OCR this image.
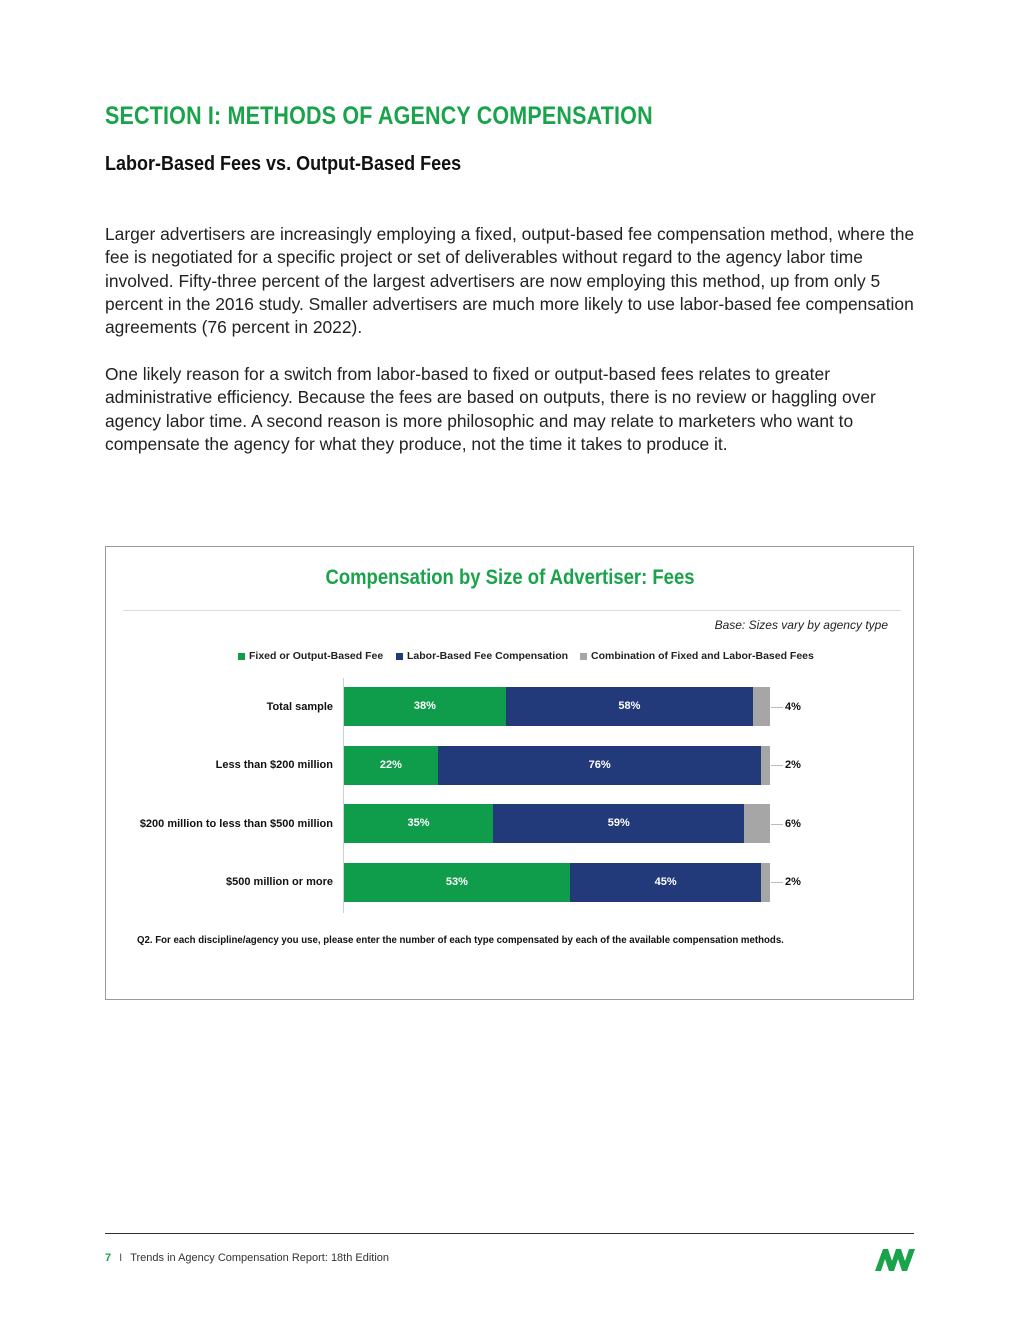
SECTION I: METHODS OF AGENCY COMPENSATION
Labor-Based Fees vs. Output-Based Fees

Larger advertisers are increasingly employing a fixed, output-based fee compensation method, where the fee is negotiated for a specific project or set of deliverables without regard to the agency labor time involved. Fifty-three percent of the largest advertisers are now employing this method, up from only 5 percent in the 2016 study. Smaller advertisers are much more likely to use labor-based fee compensation agreements (76 percent in 2022).

One likely reason for a switch from labor-based to fixed or output-based fees relates to greater administrative efficiency. Because the fees are based on outputs, there is no review or haggling over agency labor time. A second reason is more philosophic and may relate to marketers who want to compensate the agency for what they produce, not the time it takes to produce it.

Compensation by Size of Advertiser: Fees
Base: Sizes vary by agency type
Fixed or Output-Based Fee Labor-Based Fee Compensation Combination of Fixed and Labor-Based Fees
Total sample	38%	58%	4%
Less than $200 million	22%	76%	2%
$200 million to less than $500 million	35%	59%	6%
$500 million or more	53%	45%	2%
Q2. For each discipline/agency you use, please enter the number of each type compensated by each of the available compensation methods.
7 I Trends in Agency Compensation Report: 18th Edition
